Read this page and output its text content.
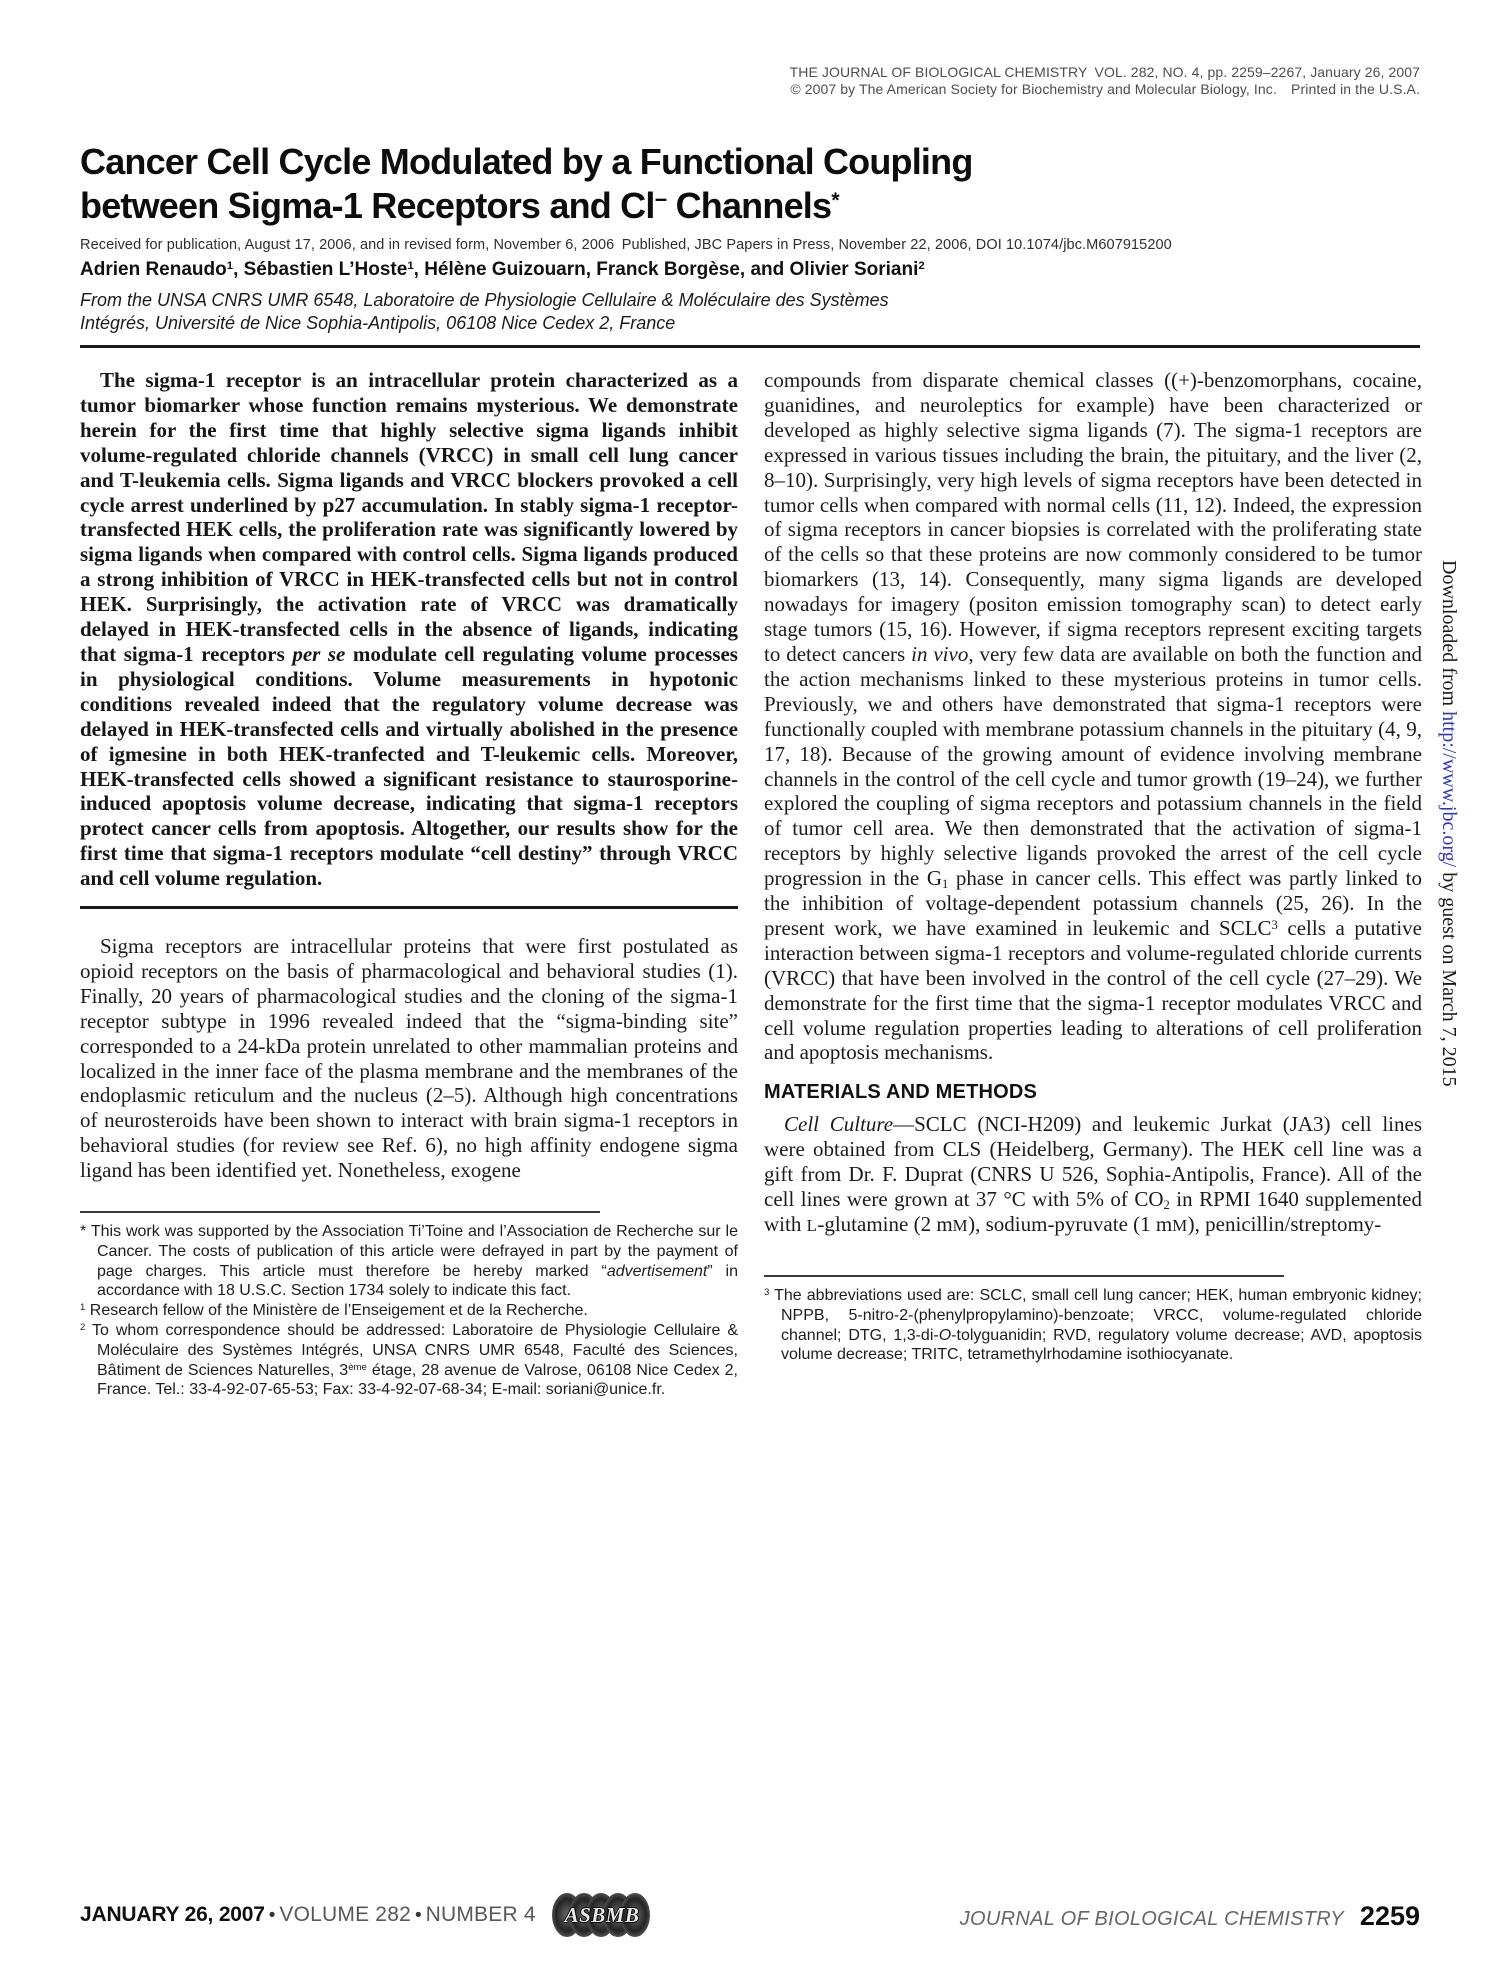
THE JOURNAL OF BIOLOGICAL CHEMISTRY VOL. 282, NO. 4, pp. 2259–2267, January 26, 2007
© 2007 by The American Society for Biochemistry and Molecular Biology, Inc.  Printed in the U.S.A.
Cancer Cell Cycle Modulated by a Functional Coupling
between Sigma-1 Receptors and Cl− Channels*
Received for publication, August 17, 2006, and in revised form, November 6, 2006 Published, JBC Papers in Press, November 22, 2006, DOI 10.1074/jbc.M607915200
Adrien Renaudo$^1$, Sébastien L’Hoste$^1$, Hélène Guizouarn, Franck Borgèse, and Olivier Soriani$^2$
From the UNSA CNRS UMR 6548, Laboratoire de Physiologie Cellulaire & Moléculaire des Systèmes Intégrés, Université de Nice Sophia-Antipolis, 06108 Nice Cedex 2, France

The sigma-1 receptor is an intracellular protein characterized as a tumor biomarker whose function remains mysterious. We demonstrate herein for the first time that highly selective sigma ligands inhibit volume-regulated chloride channels (VRCC) in small cell lung cancer and T-leukemia cells. Sigma ligands and VRCC blockers provoked a cell cycle arrest underlined by p27 accumulation. In stably sigma-1 receptor-transfected HEK cells, the proliferation rate was significantly lowered by sigma ligands when compared with control cells. Sigma ligands produced a strong inhibition of VRCC in HEK-transfected cells but not in control HEK. Surprisingly, the activation rate of VRCC was dramatically delayed in HEK-transfected cells in the absence of ligands, indicating that sigma-1 receptors per se modulate cell regulating volume processes in physiological conditions. Volume measurements in hypotonic conditions revealed indeed that the regulatory volume decrease was delayed in HEK-transfected cells and virtually abolished in the presence of igmesine in both HEK-tranfected and T-leukemic cells. Moreover, HEK-transfected cells showed a significant resistance to staurosporine-induced apoptosis volume decrease, indicating that sigma-1 receptors protect cancer cells from apoptosis. Altogether, our results show for the first time that sigma-1 receptors modulate “cell destiny” through VRCC and cell volume regulation.

Sigma receptors are intracellular proteins that were first postulated as opioid receptors on the basis of pharmacological and behavioral studies (1). Finally, 20 years of pharmacological studies and the cloning of the sigma-1 receptor subtype in 1996 revealed indeed that the “sigma-binding site” corresponded to a 24-kDa protein unrelated to other mammalian proteins and localized in the inner face of the plasma membrane and the membranes of the endoplasmic reticulum and the nucleus (2–5). Although high concentrations of neurosteroids have been shown to interact with brain sigma-1 receptors in behavioral studies (for review see Ref. 6), no high affinity endogene sigma ligand has been identified yet. Nonetheless, exogene

* This work was supported by the Association Ti’Toine and l’Association de Recherche sur le Cancer. The costs of publication of this article were defrayed in part by the payment of page charges. This article must therefore be hereby marked “advertisement” in accordance with 18 U.S.C. Section 1734 solely to indicate this fact.

$^1$ Research fellow of the Ministère de l’Enseigement et de la Recherche.

$^2$ To whom correspondence should be addressed: Laboratoire de Physiologie Cellulaire & Moléculaire des Systèmes Intégrés, UNSA CNRS UMR 6548, Faculté des Sciences, Bâtiment de Sciences Naturelles, 3ème étage, 28 avenue de Valrose, 06108 Nice Cedex 2, France. Tel.: 33-4-92-07-65-53; Fax: 33-4-92-07-68-34; E-mail: soriani@unice.fr.

compounds from disparate chemical classes ((+)-benzomorphans, cocaine, guanidines, and neuroleptics for example) have been characterized or developed as highly selective sigma ligands (7). The sigma-1 receptors are expressed in various tissues including the brain, the pituitary, and the liver (2, 8–10). Surprisingly, very high levels of sigma receptors have been detected in tumor cells when compared with normal cells (11, 12). Indeed, the expression of sigma receptors in cancer biopsies is correlated with the proliferating state of the cells so that these proteins are now commonly considered to be tumor biomarkers (13, 14). Consequently, many sigma ligands are developed nowadays for imagery (positon emission tomography scan) to detect early stage tumors (15, 16). However, if sigma receptors represent exciting targets to detect cancers in vivo, very few data are available on both the function and the action mechanisms linked to these mysterious proteins in tumor cells. Previously, we and others have demonstrated that sigma-1 receptors were functionally coupled with membrane potassium channels in the pituitary (4, 9, 17, 18). Because of the growing amount of evidence involving membrane channels in the control of the cell cycle and tumor growth (19–24), we further explored the coupling of sigma receptors and potassium channels in the field of tumor cell area. We then demonstrated that the activation of sigma-1 receptors by highly selective ligands provoked the arrest of the cell cycle progression in the G1 phase in cancer cells. This effect was partly linked to the inhibition of voltage-dependent potassium channels (25, 26). In the present work, we have examined in leukemic and SCLC$^3$ cells a putative interaction between sigma-1 receptors and volume-regulated chloride currents (VRCC) that have been involved in the control of the cell cycle (27–29). We demonstrate for the first time that the sigma-1 receptor modulates VRCC and cell volume regulation properties leading to alterations of cell proliferation and apoptosis mechanisms.

MATERIALS AND METHODS

Cell Culture—SCLC (NCI-H209) and leukemic Jurkat (JA3) cell lines were obtained from CLS (Heidelberg, Germany). The HEK cell line was a gift from Dr. F. Duprat (CNRS U 526, Sophia-Antipolis, France). All of the cell lines were grown at 37 °C with 5% of CO2 in RPMI 1640 supplemented with L-glutamine (2 mM), sodium-pyruvate (1 mM), penicillin/streptomy-

$^3$ The abbreviations used are: SCLC, small cell lung cancer; HEK, human embryonic kidney; NPPB, 5-nitro-2-(phenylpropylamino)-benzoate; VRCC, volume-regulated chloride channel; DTG, 1,3-di-O-tolyguanidin; RVD, regulatory volume decrease; AVD, apoptosis volume decrease; TRITC, tetramethylrhodamine isothiocyanate.

JANUARY 26, 2007 • VOLUME 282 • NUMBER 4	ASBMB	JOURNAL OF BIOLOGICAL CHEMISTRY 2259
Downloaded from http://www.jbc.org/ by guest on March 7, 2015
